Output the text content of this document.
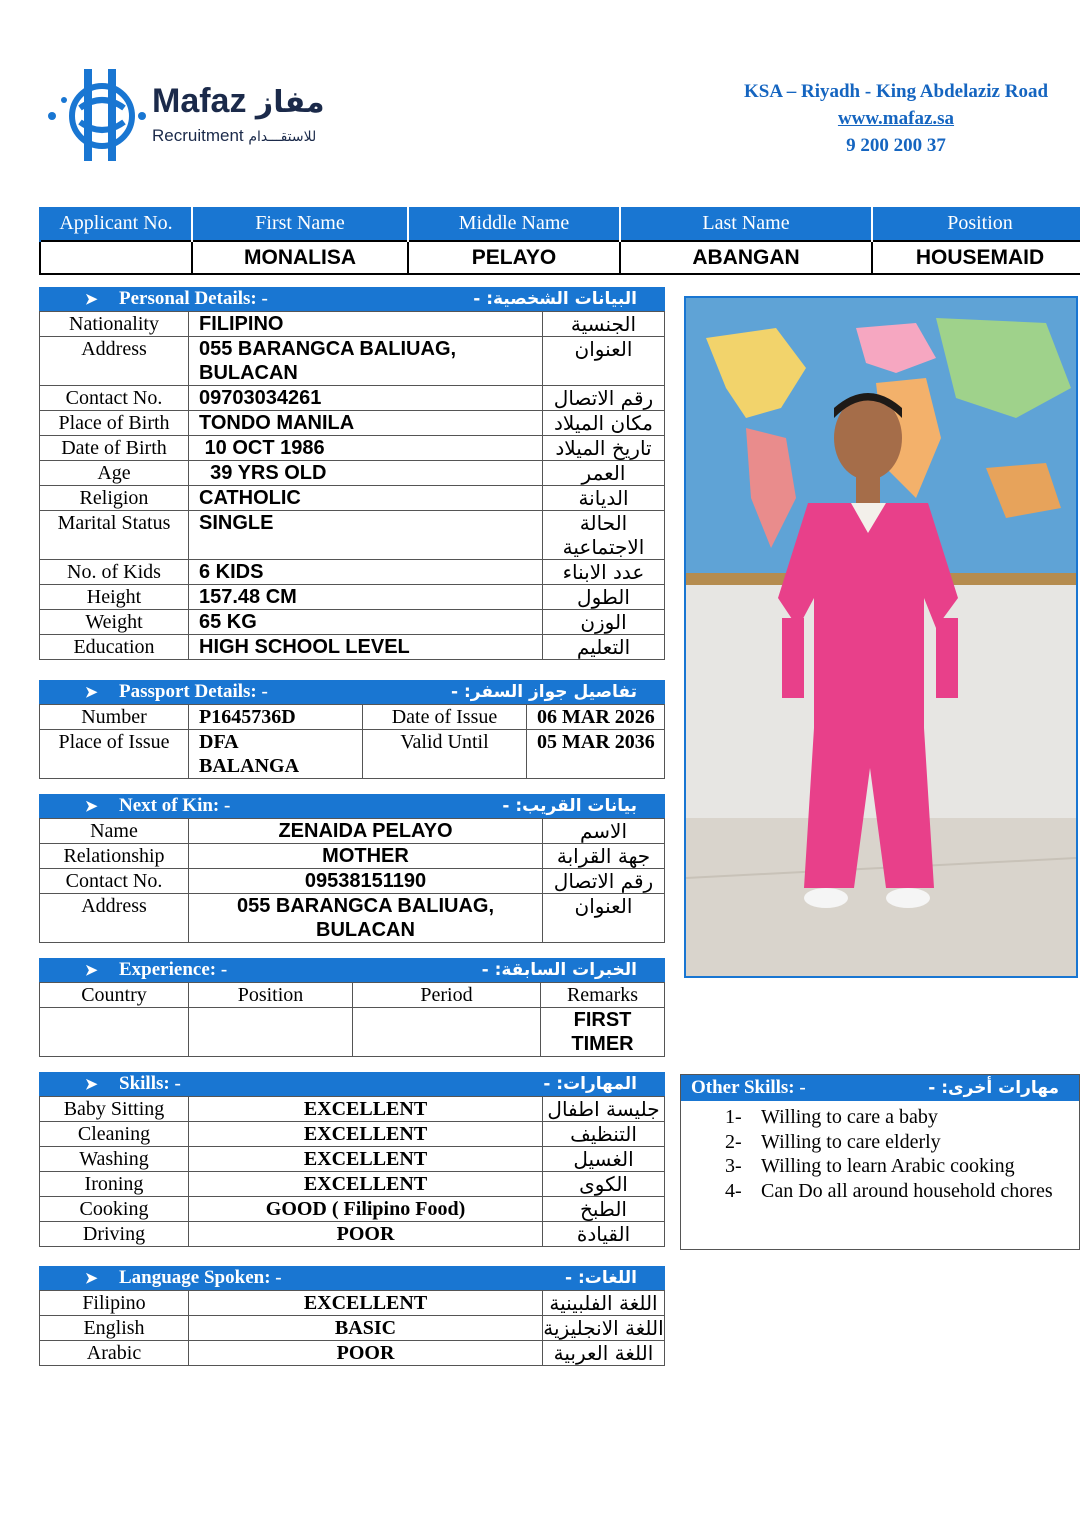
Mafaz مفاز
Recruitment للاستقـــدام
KSA – Riyadh - King Abdelaziz Road
www.mafaz.sa
9 200 200 37
Applicant No.	First Name	Middle Name	Last Name	Position
	MONALISA	PELAYO	ABANGAN	HOUSEMAID
➤ Personal Details: -	البيانات الشخصية: -
Nationality	FILIPINO	الجنسية
Address	055 BARANGCA BALIUAG, BULACAN	العنوان
Contact No.	09703034261	رقم الاتصال
Place of Birth	TONDO MANILA	مكان الميلاد
Date of Birth	10 OCT 1986	تاريخ الميلاد
Age	39 YRS OLD	العمر
Religion	CATHOLIC	الديانة
Marital Status	SINGLE	الحالة الاجتماعية
No. of Kids	6 KIDS	عدد الابناء
Height	157.48 CM	الطول
Weight	65 KG	الوزن
Education	HIGH SCHOOL LEVEL	التعليم
➤ Passport Details: -	تفاصيل جواز السفر: -
Number	P1645736D	Date of Issue	06 MAR 2026
Place of Issue	DFA BALANGA	Valid Until	05 MAR 2036
➤ Next of Kin: -	بيانات القريب: -
Name	ZENAIDA PELAYO	الاسم
Relationship	MOTHER	جهة القرابة
Contact No.	09538151190	رقم الاتصال
Address	055 BARANGCA BALIUAG, BULACAN	العنوان
➤ Experience: -	الخبرات السابقة: -
Country	Position	Period	Remarks
			FIRST TIMER
➤ Skills: -	المهارات: -
Baby Sitting	EXCELLENT	جليسة اطفال
Cleaning	EXCELLENT	التنظيف
Washing	EXCELLENT	الغسيل
Ironing	EXCELLENT	الكوى
Cooking	GOOD ( Filipino Food)	الطبخ
Driving	POOR	القيادة
➤ Language Spoken: -	اللغات: -
Filipino	EXCELLENT	اللغة الفلبينية
English	BASIC	اللغة الانجليزية
Arabic	POOR	اللغة العربية
Other Skills: -	مهارات أخرى: -
1- Willing to care a baby
2- Willing to care elderly
3- Willing to learn Arabic cooking
4- Can Do all around household chores
